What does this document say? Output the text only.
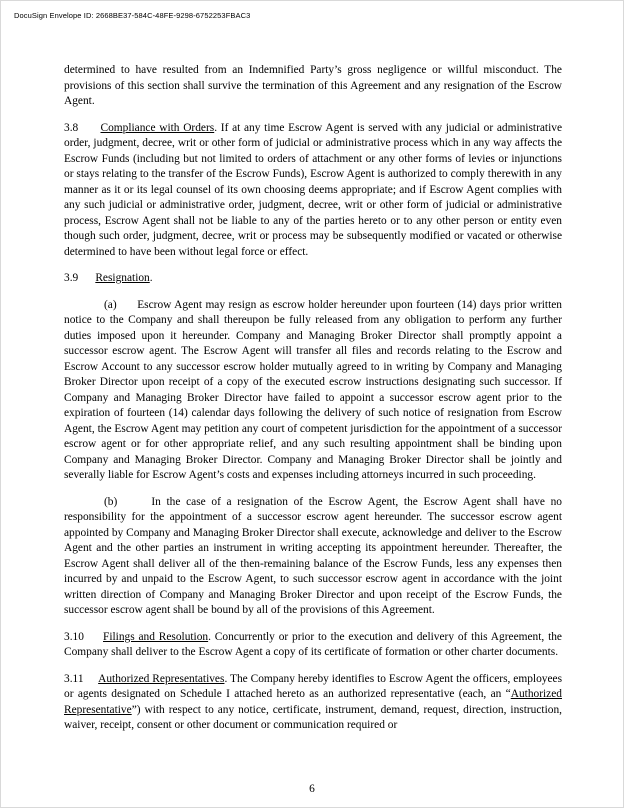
DocuSign Envelope ID: 2668BE37-584C-48FE-9298-6752253FBAC3

determined to have resulted from an Indemnified Party’s gross negligence or willful misconduct. The provisions of this section shall survive the termination of this Agreement and any resignation of the Escrow Agent.

3.8      Compliance with Orders. If at any time Escrow Agent is served with any judicial or administrative order, judgment, decree, writ or other form of judicial or administrative process which in any way affects the Escrow Funds (including but not limited to orders of attachment or any other forms of levies or injunctions or stays relating to the transfer of the Escrow Funds), Escrow Agent is authorized to comply therewith in any manner as it or its legal counsel of its own choosing deems appropriate; and if Escrow Agent complies with any such judicial or administrative order, judgment, decree, writ or other form of judicial or administrative process, Escrow Agent shall not be liable to any of the parties hereto or to any other person or entity even though such order, judgment, decree, writ or process may be subsequently modified or vacated or otherwise determined to have been without legal force or effect.

3.9      Resignation.

(a)      Escrow Agent may resign as escrow holder hereunder upon fourteen (14) days prior written notice to the Company and shall thereupon be fully released from any obligation to perform any further duties imposed upon it hereunder. Company and Managing Broker Director shall promptly appoint a successor escrow agent. The Escrow Agent will transfer all files and records relating to the Escrow and Escrow Account to any successor escrow holder mutually agreed to in writing by Company and Managing Broker Director upon receipt of a copy of the executed escrow instructions designating such successor. If Company and Managing Broker Director have failed to appoint a successor escrow agent prior to the expiration of fourteen (14) calendar days following the delivery of such notice of resignation from Escrow Agent, the Escrow Agent may petition any court of competent jurisdiction for the appointment of a successor escrow agent or for other appropriate relief, and any such resulting appointment shall be binding upon Company and Managing Broker Director. Company and Managing Broker Director shall be jointly and severally liable for Escrow Agent’s costs and expenses including attorneys incurred in such proceeding.

(b)      In the case of a resignation of the Escrow Agent, the Escrow Agent shall have no responsibility for the appointment of a successor escrow agent hereunder. The successor escrow agent appointed by Company and Managing Broker Director shall execute, acknowledge and deliver to the Escrow Agent and the other parties an instrument in writing accepting its appointment hereunder. Thereafter, the Escrow Agent shall deliver all of the then-remaining balance of the Escrow Funds, less any expenses then incurred by and unpaid to the Escrow Agent, to such successor escrow agent in accordance with the joint written direction of Company and Managing Broker Director and upon receipt of the Escrow Funds, the successor escrow agent shall be bound by all of the provisions of this Agreement.

3.10     Filings and Resolution. Concurrently or prior to the execution and delivery of this Agreement, the Company shall deliver to the Escrow Agent a copy of its certificate of formation or other charter documents.

3.11     Authorized Representatives. The Company hereby identifies to Escrow Agent the officers, employees or agents designated on Schedule I attached hereto as an authorized representative (each, an “Authorized Representative”) with respect to any notice, certificate, instrument, demand, request, direction, instruction, waiver, receipt, consent or other document or communication required or

6
